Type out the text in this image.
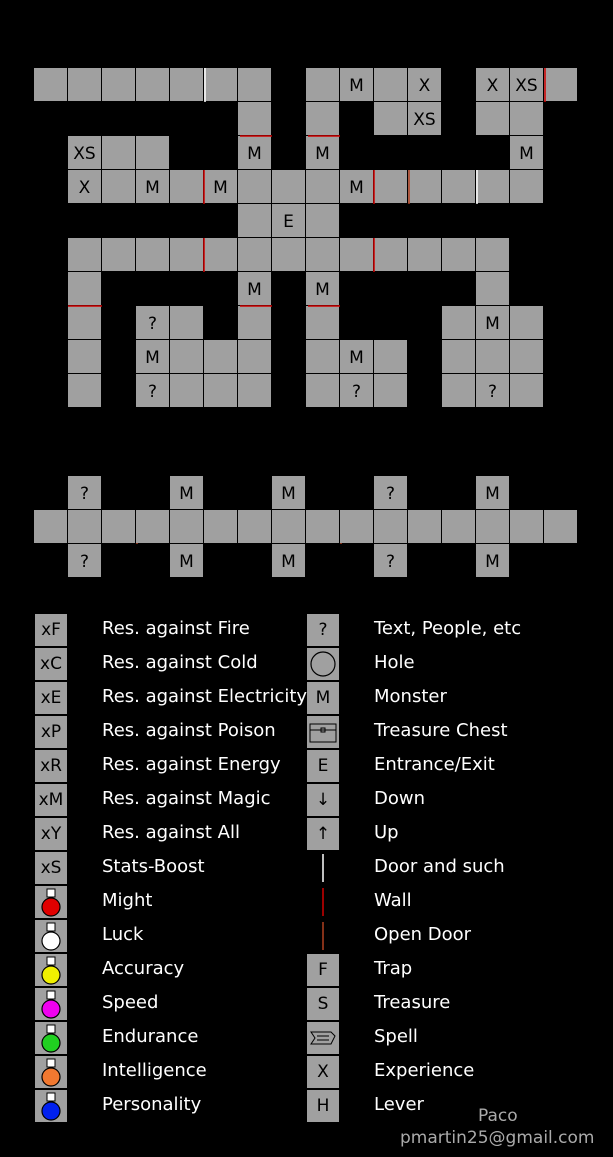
M	X	X XS
XS
XS	M	M	M
X	M	M	M
E
M	M
?	M
M	M
?	?	?
?
?
M
M
M
M
?
?
M
M
xF	Res. against Fire
xC Res. against Cold
xE	Res. against Electricity
xP	Res. against Poison
xR Res. against Energy
xM Res. against Magic
xY	Res. against All
xS	Stats-Boost
Might
Luck
Accuracy
Speed
Endurance
Intelligence
Personality
?	Text, People, etc
Hole
M	Monster
Treasure Chest
E	Entrance/Exit
↓	Down
↑	Up
Door and such
Wall
Open Door
F	Trap
S	Treasure
Spell
X	Experience
H	Lever
Paco
pmartin25@gmail.com
